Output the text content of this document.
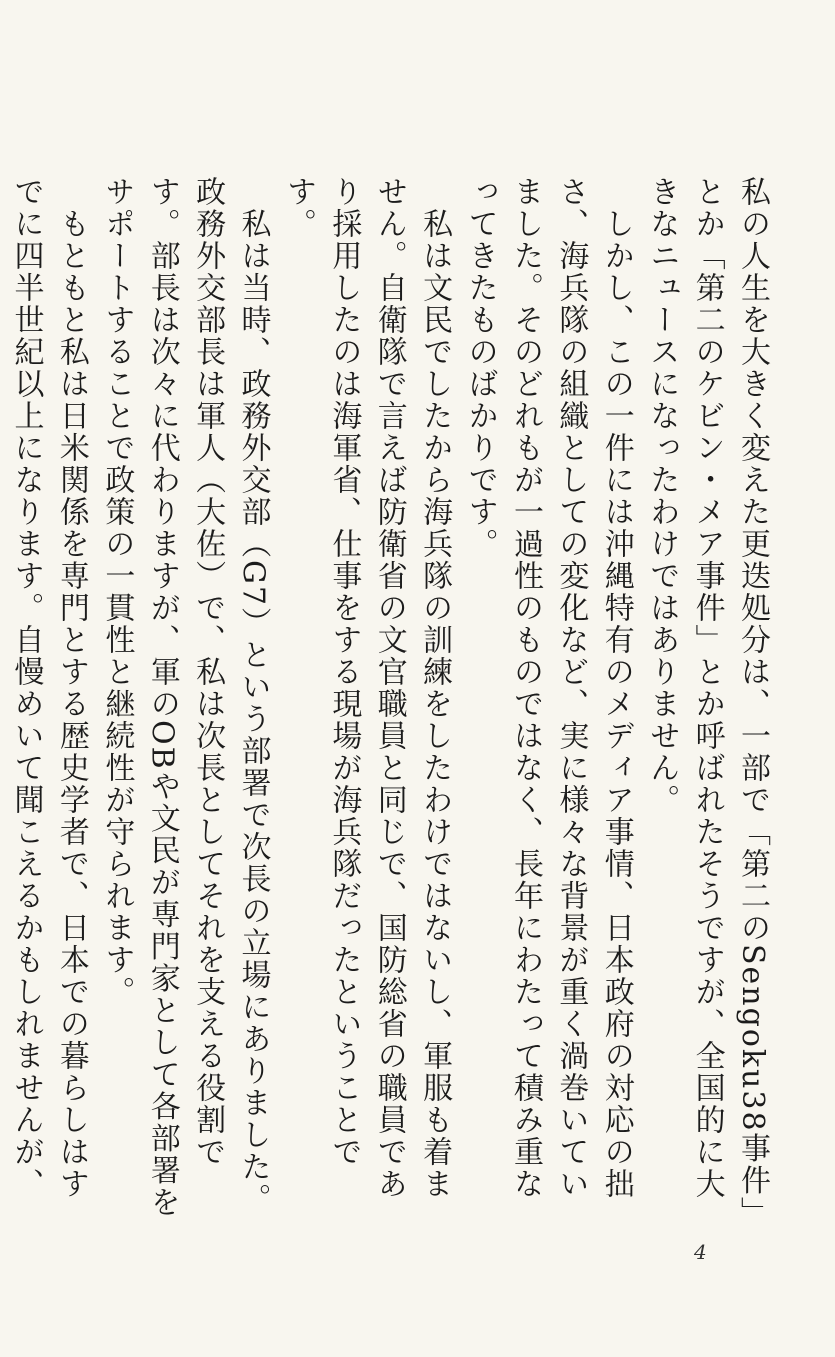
私の人生を大きく変えた更迭処分は、一部で「第二のSengoku38事件」とか「第二のケビン・メア事件」とか呼ばれたそうですが、全国的に大きなニュースになったわけではありません。

　しかし、この一件には沖縄特有のメディア事情、日本政府の対応の拙さ、海兵隊の組織としての変化など、実に様々な背景が重く渦巻いていました。そのどれもが一過性のものではなく、長年にわたって積み重なってきたものばかりです。

　私は文民でしたから海兵隊の訓練をしたわけではないし、軍服も着ません。自衛隊で言えば防衛省の文官職員と同じで、国防総省の職員であり採用したのは海軍省、仕事をする現場が海兵隊だったということです。

　私は当時、政務外交部（G7）という部署で次長の立場にありました。政務外交部長は軍人（大佐）で、私は次長としてそれを支える役割です。部長は次々に代わりますが、軍のOBや文民が専門家として各部署をサポートすることで政策の一貫性と継続性が守られます。

　もともと私は日米関係を専門とする歴史学者で、日本での暮らしはすでに四半世紀以上になります。自慢めいて聞こえるかもしれませんが、

4
